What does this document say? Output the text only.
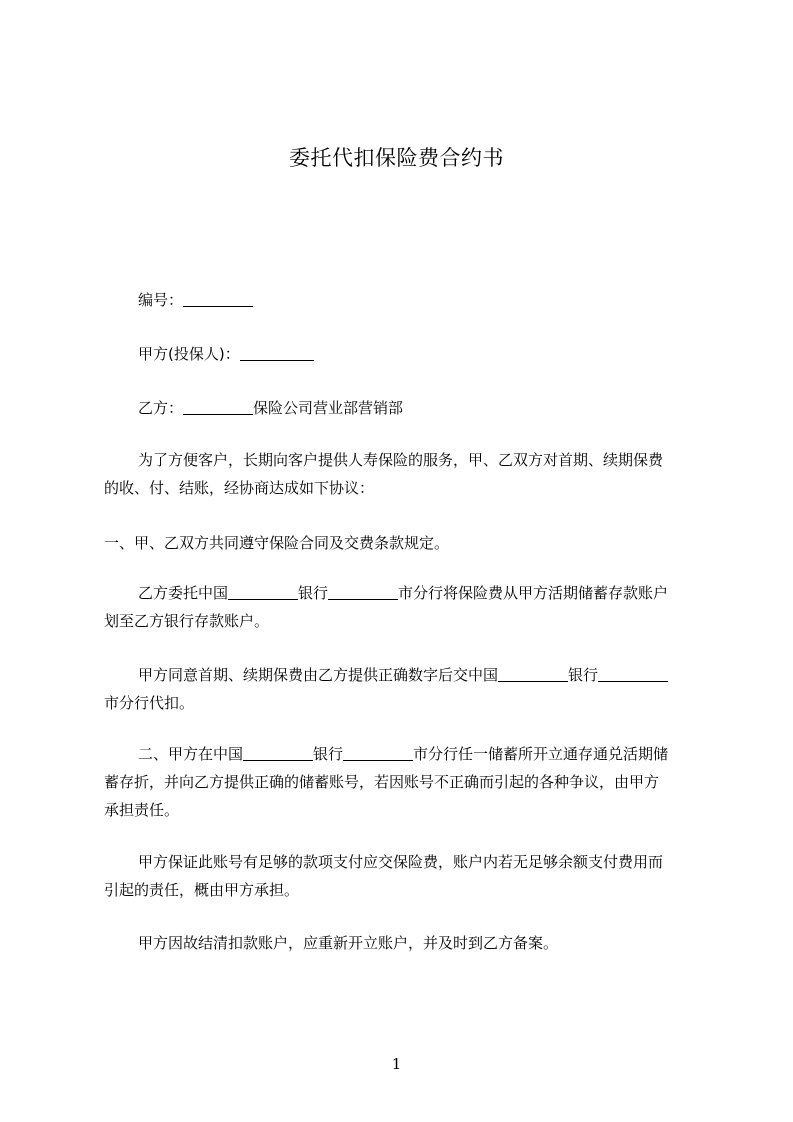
委托代扣保险费合约书
编号：
甲方(投保人)：
乙方：	保险公司营业部营销部
为了方便客户，长期向客户提供人寿保险的服务，甲、乙双方对首期、续期保费
的收、付、结账，经协商达成如下协议：
一、甲、乙双方共同遵守保险合同及交费条款规定。
乙方委托中国	银行	市分行将保险费从甲方活期储蓄存款账户
划至乙方银行存款账户。
甲方同意首期、续期保费由乙方提供正确数字后交中国	银行
市分行代扣。
二、甲方在中国	银行	市分行任一储蓄所开立通存通兑活期储
蓄存折，并向乙方提供正确的储蓄账号，若因账号不正确而引起的各种争议，由甲方
承担责任。
甲方保证此账号有足够的款项支付应交保险费，账户内若无足够余额支付费用而
引起的责任，概由甲方承担。
甲方因故结清扣款账户，应重新开立账户，并及时到乙方备案。
1
